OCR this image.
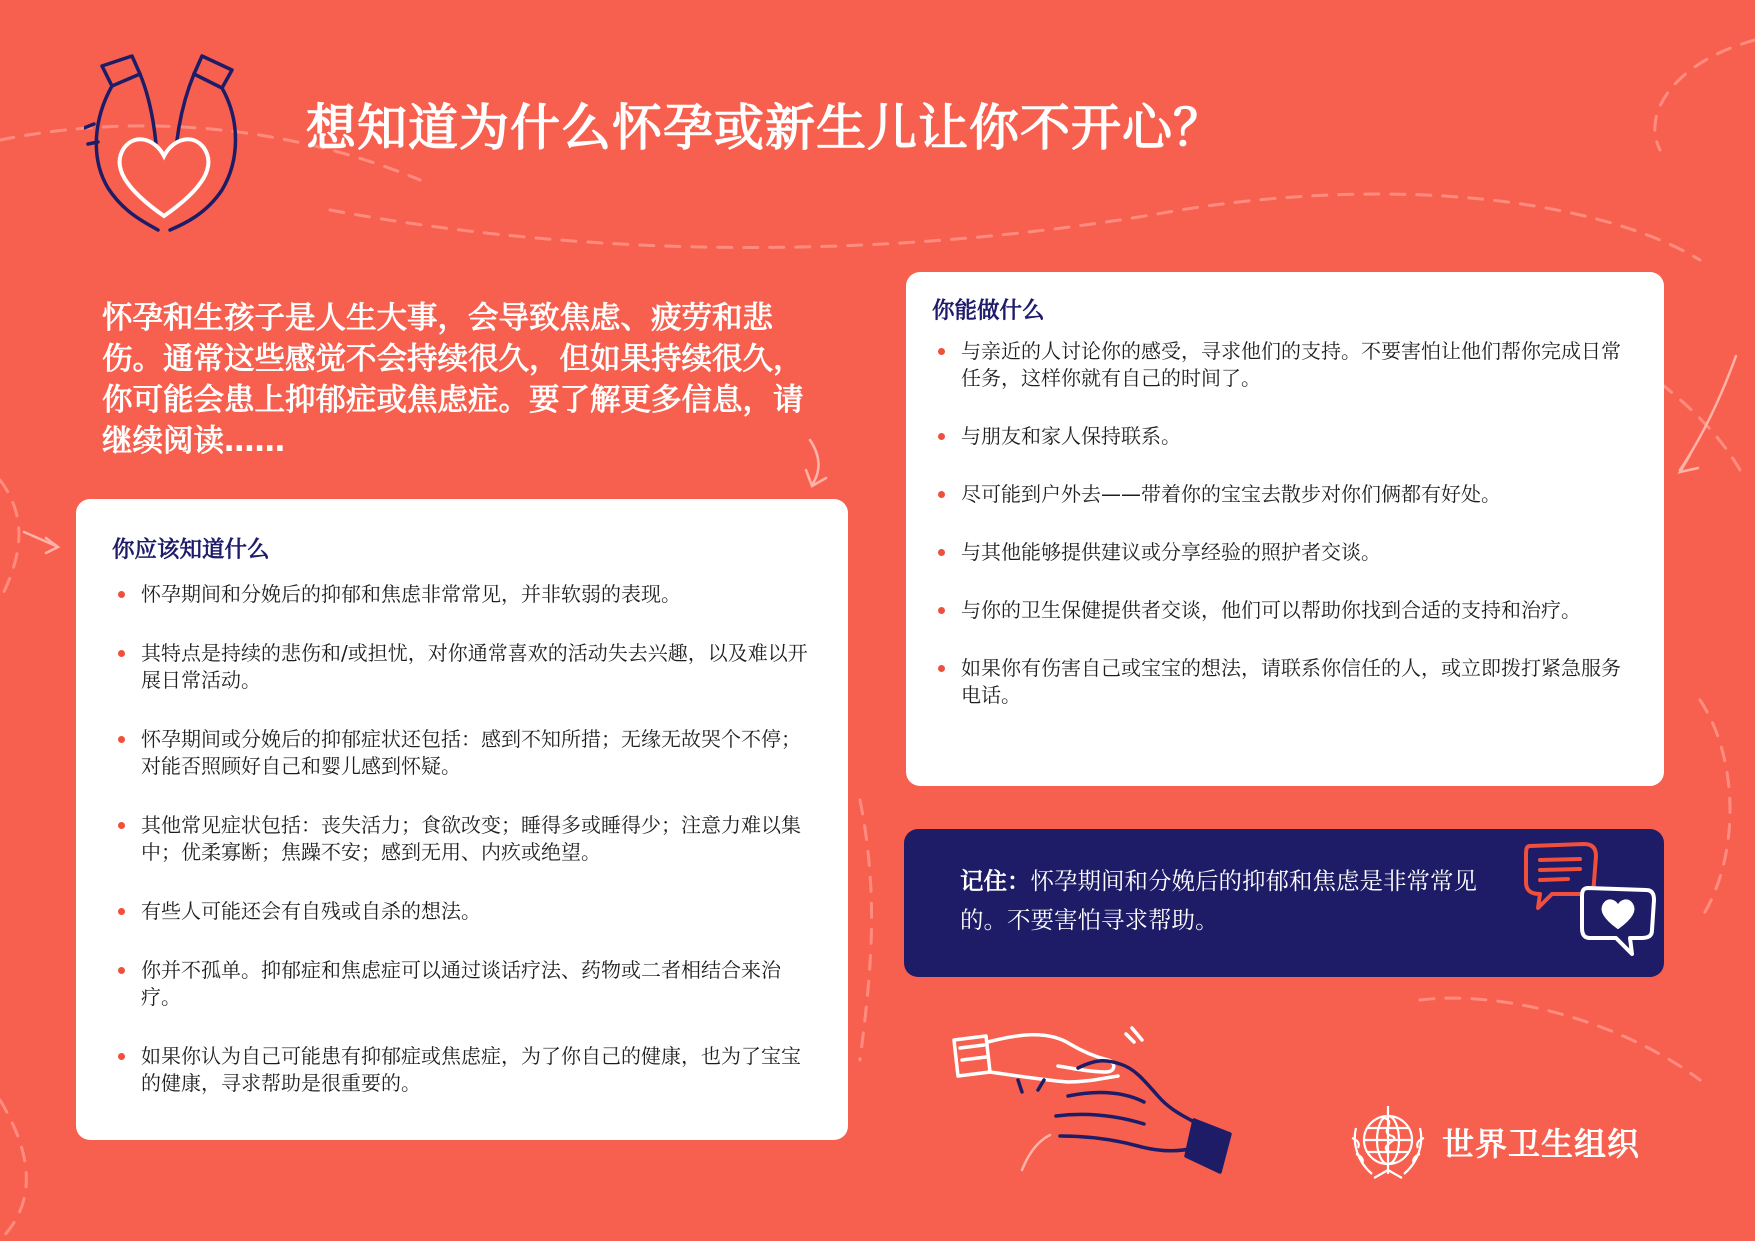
想知道为什么怀孕或新生儿让你不开心？
怀孕和生孩子是人生大事，会导致焦虑、疲劳和悲伤。通常这些感觉不会持续很久，但如果持续很久，你可能会患上抑郁症或焦虑症。要了解更多信息，请继续阅读……
你应该知道什么
怀孕期间和分娩后的抑郁和焦虑非常常见，并非软弱的表现。
其特点是持续的悲伤和/或担忧，对你通常喜欢的活动失去兴趣，以及难以开展日常活动。
怀孕期间或分娩后的抑郁症状还包括：感到不知所措；无缘无故哭个不停；对能否照顾好自己和婴儿感到怀疑。
其他常见症状包括：丧失活力；食欲改变；睡得多或睡得少；注意力难以集中；优柔寡断；焦躁不安；感到无用、内疚或绝望。
有些人可能还会有自残或自杀的想法。
你并不孤单。抑郁症和焦虑症可以通过谈话疗法、药物或二者相结合来治疗。
如果你认为自己可能患有抑郁症或焦虑症，为了你自己的健康，也为了宝宝的健康，寻求帮助是很重要的。
你能做什么
与亲近的人讨论你的感受，寻求他们的支持。不要害怕让他们帮你完成日常任务，这样你就有自己的时间了。
与朋友和家人保持联系。
尽可能到户外去——带着你的宝宝去散步对你们俩都有好处。
与其他能够提供建议或分享经验的照护者交谈。
与你的卫生保健提供者交谈，他们可以帮助你找到合适的支持和治疗。
如果你有伤害自己或宝宝的想法，请联系你信任的人，或立即拨打紧急服务电话。

记住：怀孕期间和分娩后的抑郁和焦虑是非常常见的。不要害怕寻求帮助。

世界卫生组织
